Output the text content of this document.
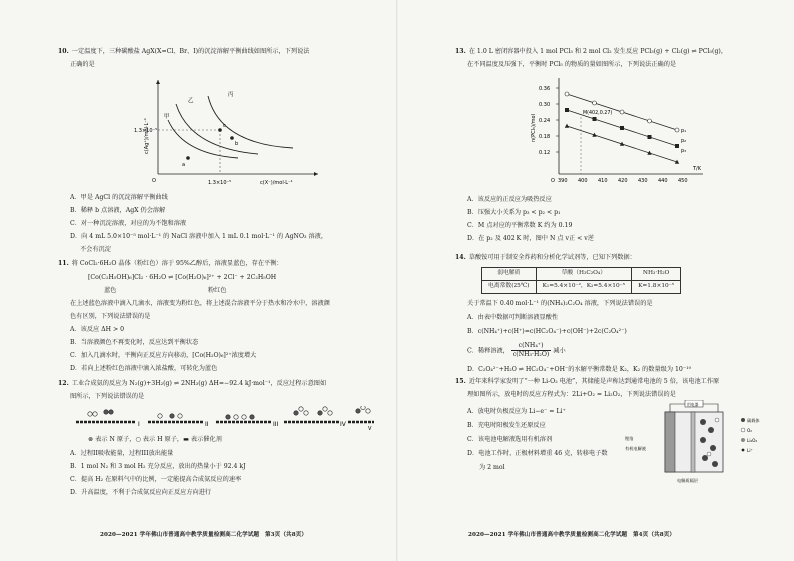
10. 一定温度下，三种碳酸盐 AgX(X=Cl、Br、I)的沉淀溶解平衡曲线如图所示，下列说法
正确的是
1.3×10⁻⁵
1.3×10⁻⁵
c(Ag⁺)/mol·L⁻¹
c(X⁻)/mol·L⁻¹
O
甲
乙
丙
a
b
c
A．甲是 AgCl 的沉淀溶解平衡曲线
B．稀释 b 点溶液，AgX 仍会溶解
C．对一种沉淀溶液，对应的为不饱和溶液
D．向 4 mL 5.0×10⁻⁵ mol·L⁻¹ 的 NaCl 溶液中加入 1 mL 0.1 mol·L⁻¹ 的 AgNO₃ 溶液，
不会有沉淀
11. 将 CoCl₂·6H₂O 晶体（粉红色）溶于 95%乙醇后，溶液显蓝色，存在平衡：
[Co(C₂H₅OH)₆]Cl₂ · 6H₂O ⇌ [Co(H₂O)₆]²⁺ + 2Cl⁻ + 2C₂H₅OH
蓝色	粉红色
在上述蓝色溶液中滴入几滴水，溶液变为粉红色，将上述混合溶液平分于热水和冷水中，溶液颜
色有区别，下列说法错误的是
A．该反应 ΔH > 0
B．当溶液颜色不再变化时，反应达到平衡状态
C．加入几滴水时，平衡向正反应方向移动，[Co(H₂O)₆]²⁺浓度增大
D．若向上述粉红色溶液中滴入浓盐酸，可转化为蓝色
12. 工业合成氨的反应为 N₂(g)+3H₂(g) ⇌ 2NH₃(g) ΔH=−92.4 kJ·mol⁻¹，反应过程示意图如
图所示，下列说法错误的是
I	II	III	IV
V
⊗ 表示 N 原子，○ 表示 H 原子，▬ 表示催化剂
A．过程II吸收能量，过程III放出能量
B．1 mol N₂ 和 3 mol H₂ 充分反应，放出的热量小于 92.4 kJ
C．提高 H₂ 在原料气中的比例，一定能提高合成氨反应的速率
D．升高温度，不利于合成氨反应向正反应方向进行
2020—2021 学年佛山市普通高中教学质量检测高二化学试题　第3页（共8页）
13. 在 1.0 L 密闭容器中投入 1 mol PCl₃ 和 2 mol Cl₂ 发生反应 PCl₃(g) + Cl₂(g) ⇌ PCl₅(g)，
在不同温度及压强下，平衡时 PCl₅ 的物质的量如图所示，下列说法正确的是
n(PCl₅)/mol
T/K
O
0.36
0.30
0.24
0.18
0.12
390 400 410 420 430 440 450
M(402,0.27)
p₁
p₂
p₃
A．该反应的正反应为吸热反应
B．压强大小关系为 p₃ < p₂ < p₁
C．M 点对应的平衡常数 K 约为 0.19
D．在 p₂ 及 402 K 时，图中 N 点 v正 < v逆
14. 草酸铵可用于制安全炸药和分析化学试剂等，已知下列数据：
弱电解质	草酸（H₂C₂O₄）	NH₃·H₂O
电离常数(25℃)	K₁=5.4×10⁻²，K₂=5.4×10⁻⁵	K=1.8×10⁻⁵
关于常温下 0.40 mol·L⁻¹ 的(NH₄)₂C₂O₄ 溶液，下列说法错误的是
A．由表中数据可判断溶液显酸性
B．c(NH₄⁺)+c(H⁺)=c(HC₂O₄⁻)+c(OH⁻)+2c(C₂O₄²⁻)
C．稀释溶液， $\frac{\text{c(NH₄⁺)}}{\text{c(NH₃·H₂O)}}$ 减小
D．C₂O₄²⁻+H₂O ⇌ HC₂O₄⁻+OH⁻的水解平衡常数是 K₂，K₂ 的数量级为 10⁻¹⁰
15. 近年来科学家发明了“一种 Li-O₂ 电池”，其储能是声称达到通常电池的 5 倍，该电池工作原
理如图所示，放电时的反应方程式为：2Li+O₂ = Li₂O₂，下列说法错误的是
A．放电时负极反应为 Li−e⁻ = Li⁺
B．充电时阳极发生还原反应
C．该电池电解液选用有机溶剂
D．电池工作时，正极材料增重 46 克，转移电子数
为 2 mol
用电器
锂箔
有机电解液
电解质隔层
碳载体
O₂
Li₂O₂
Li⁺
2020—2021 学年佛山市普通高中教学质量检测高二化学试题　第4页（共8页）
